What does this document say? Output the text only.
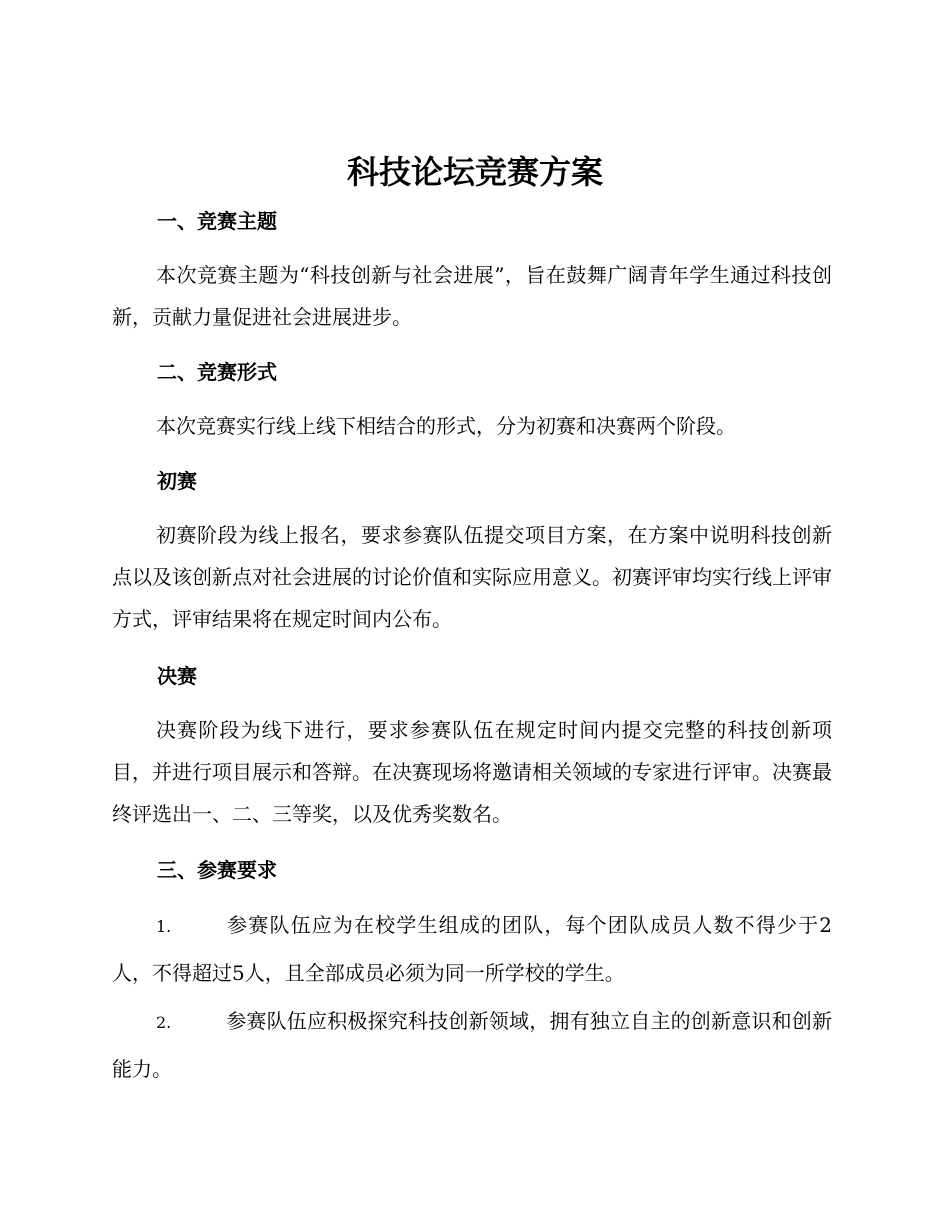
科技论坛竞赛方案
一、竞赛主题

本次竞赛主题为“科技创新与社会进展”，旨在鼓舞广阔青年学生通过科技创新，贡献力量促进社会进展进步。

二、竞赛形式

本次竞赛实行线上线下相结合的形式，分为初赛和决赛两个阶段。

初赛

初赛阶段为线上报名，要求参赛队伍提交项目方案，在方案中说明科技创新点以及该创新点对社会进展的讨论价值和实际应用意义。初赛评审均实行线上评审方式，评审结果将在规定时间内公布。

决赛

决赛阶段为线下进行，要求参赛队伍在规定时间内提交完整的科技创新项目，并进行项目展示和答辩。在决赛现场将邀请相关领域的专家进行评审。决赛最终评选出一、二、三等奖，以及优秀奖数名。

三、参赛要求

1.	参赛队伍应为在校学生组成的团队，每个团队成员人数不得少于2人，不得超过5人，且全部成员必须为同一所学校的学生。

2.	参赛队伍应积极探究科技创新领域，拥有独立自主的创新意识和创新能力。
